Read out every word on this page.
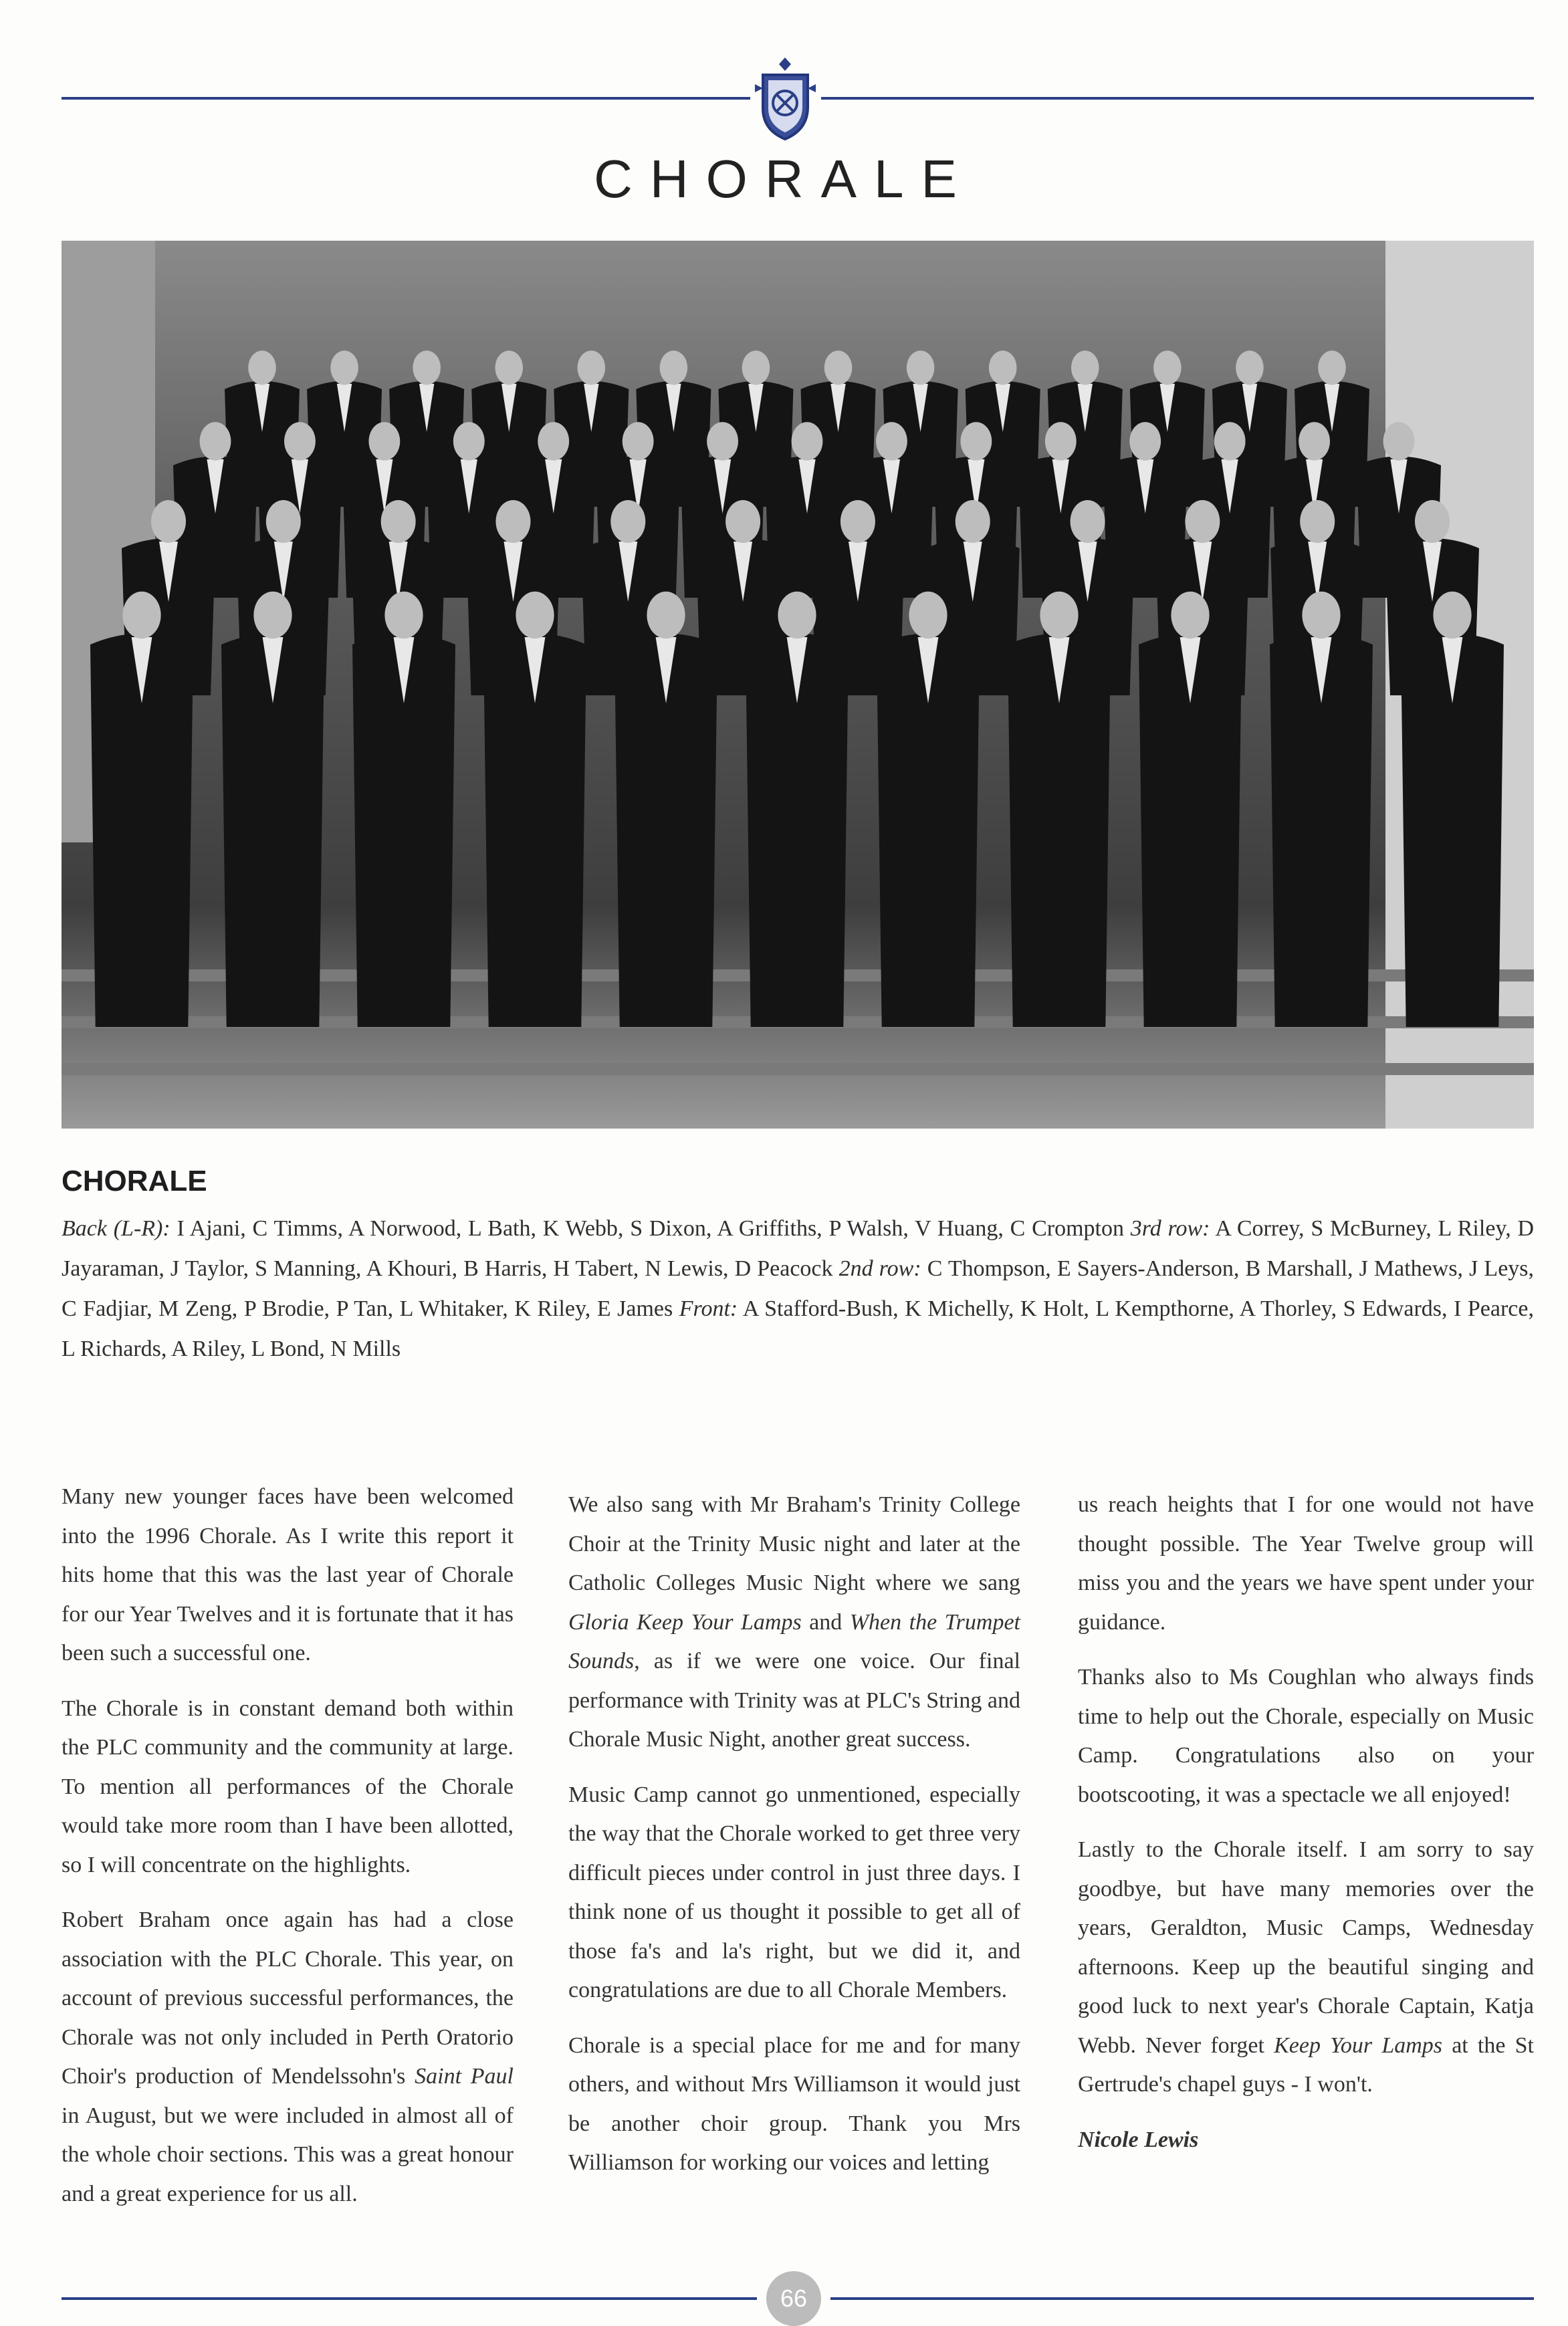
CHORALE
CHORALE
Back (L-R): I Ajani, C Timms, A Norwood, L Bath, K Webb, S Dixon, A Griffiths, P Walsh, V Huang, C Crompton 3rd row: A Correy, S McBurney, L Riley, D Jayaraman, J Taylor, S Manning, A Khouri, B Harris, H Tabert, N Lewis, D Peacock 2nd row: C Thompson, E Sayers-Anderson, B Marshall, J Mathews, J Leys, C Fadjiar, M Zeng, P Brodie, P Tan, L Whitaker, K Riley, E James Front: A Stafford-Bush, K Michelly, K Holt, L Kempthorne, A Thorley, S Edwards, I Pearce, L Richards, A Riley, L Bond, N Mills

Many new younger faces have been welcomed into the 1996 Chorale. As I write this report it hits home that this was the last year of Chorale for our Year Twelves and it is fortunate that it has been such a successful one.

The Chorale is in constant demand both within the PLC community and the community at large. To mention all performances of the Chorale would take more room than I have been allotted, so I will concentrate on the highlights.

Robert Braham once again has had a close association with the PLC Chorale. This year, on account of previous successful performances, the Chorale was not only included in Perth Oratorio Choir's production of Mendelssohn's Saint Paul in August, but we were included in almost all of the whole choir sections. This was a great honour and a great experience for us all.

We also sang with Mr Braham's Trinity College Choir at the Trinity Music night and later at the Catholic Colleges Music Night where we sang Gloria Keep Your Lamps and When the Trumpet Sounds, as if we were one voice. Our final performance with Trinity was at PLC's String and Chorale Music Night, another great success.

Music Camp cannot go unmentioned, especially the way that the Chorale worked to get three very difficult pieces under control in just three days. I think none of us thought it possible to get all of those fa's and la's right, but we did it, and congratulations are due to all Chorale Members.

Chorale is a special place for me and for many others, and without Mrs Williamson it would just be another choir group. Thank you Mrs Williamson for working our voices and letting

us reach heights that I for one would not have thought possible. The Year Twelve group will miss you and the years we have spent under your guidance.

Thanks also to Ms Coughlan who always finds time to help out the Chorale, especially on Music Camp. Congratulations also on your bootscooting, it was a spectacle we all enjoyed!

Lastly to the Chorale itself. I am sorry to say goodbye, but have many memories over the years, Geraldton, Music Camps, Wednesday afternoons. Keep up the beautiful singing and good luck to next year's Chorale Captain, Katja Webb. Never forget Keep Your Lamps at the St Gertrude's chapel guys - I won't.

Nicole Lewis

66
